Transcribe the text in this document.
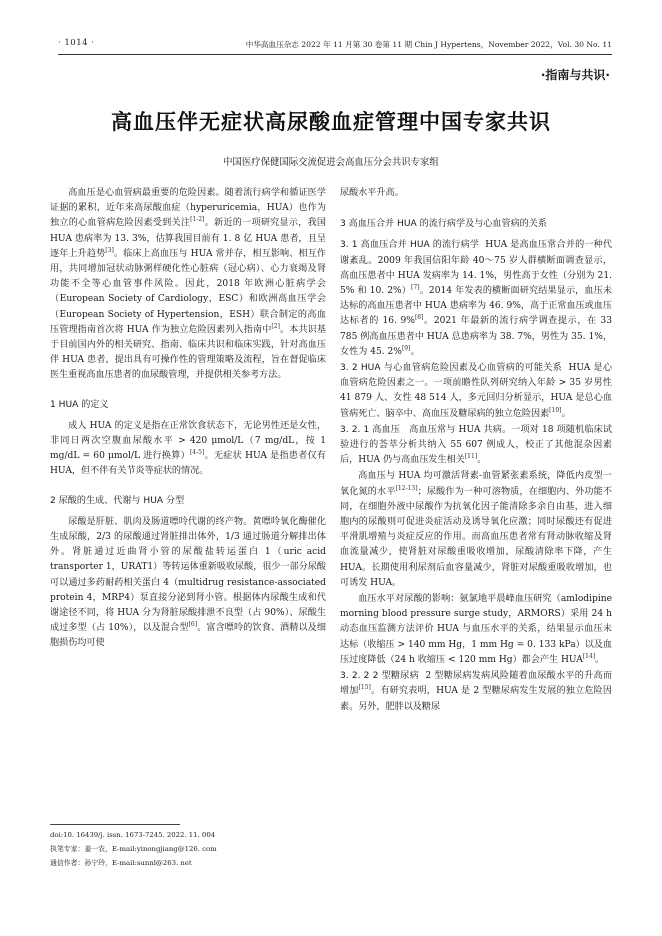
· 1014 ·	中华高血压杂志 2022 年 11 月第 30 卷第 11 期 Chin J Hypertens，November 2022，Vol. 30 No. 11
·指南与共识·
高血压伴无症状高尿酸血症管理中国专家共识
中国医疗保健国际交流促进会高血压分会共识专家组

高血压是心血管病最重要的危险因素。随着流行病学和循证医学证据的累积，近年来高尿酸血症（hyperuricemia，HUA）也作为独立的心血管病危险因素受到关注[1-2]。新近的一项研究显示，我国 HUA 患病率为 13. 3%，估算我国目前有 1. 8 亿 HUA 患者，且呈逐年上升趋势[3]。临床上高血压与 HUA 常并存，相互影响、相互作用，共同增加冠状动脉粥样硬化性心脏病（冠心病）、心力衰竭及肾功能不全等心血管事件风险。因此，2018 年欧洲心脏病学会（European Society of Cardiology，ESC）和欧洲高血压学会（European Society of Hypertension，ESH）联合制定的高血压管理指南首次将 HUA 作为独立危险因素列入指南中[2]。本共识基于目前国内外的相关研究、指南、临床共识和临床实践，针对高血压伴 HUA 患者，提出具有可操作性的管理策略及流程，旨在督促临床医生重视高血压患者的血尿酸管理，并提供相关参考方法。

1 HUA 的定义

成人 HUA 的定义是指在正常饮食状态下，无论男性还是女性，非同日两次空腹血尿酸水平 > 420 μmol/L（7 mg/dL，按 1 mg/dL = 60 μmol/L 进行换算）[4-5]。无症状 HUA 是指患者仅有 HUA，但不伴有关节炎等症状的情况。

2 尿酸的生成、代谢与 HUA 分型

尿酸是肝脏、肌肉及肠道嘌呤代谢的终产物。黄嘌呤氧化酶催化生成尿酸，2/3 的尿酸通过肾脏排出体外，1/3 通过肠道分解排出体外。肾脏通过近曲肾小管的尿酸盐转运蛋白 1（uric acid transporter 1，URAT1）等转运体重新吸收尿酸，很少一部分尿酸可以通过多药耐药相关蛋白 4（multidrug resistance-associated protein 4，MRP4）泵直接分泌到肾小管。根据体内尿酸生成和代谢途径不同，将 HUA 分为肾脏尿酸排泄不良型（占 90%）、尿酸生成过多型（占 10%），以及混合型[6]。富含嘌呤的饮食、酒精以及细胞损伤均可使

尿酸水平升高。

3 高血压合并 HUA 的流行病学及与心血管病的关系

3. 1 高血压合并 HUA 的流行病学 HUA 是高血压常合并的一种代谢紊乱。2009 年我国信阳年龄 40～75 岁人群横断面调查显示，高血压患者中 HUA 发病率为 14. 1%，男性高于女性（分别为 21. 5% 和 10. 2%）[7]。2014 年发表的横断面研究结果显示，血压未达标的高血压患者中 HUA 患病率为 46. 9%，高于正常血压或血压达标者的 16. 9%[8]。2021 年最新的流行病学调查提示，在 33 785 例高血压患者中 HUA 总患病率为 38. 7%，男性为 35. 1%，女性为 45. 2%[9]。

3. 2 HUA 与心血管病危险因素及心血管病的可能关系 HUA 是心血管病危险因素之一。一项前瞻性队列研究纳入年龄 > 35 岁男性 41 879 人、女性 48 514 人，多元回归分析显示，HUA 是总心血管病死亡、脑卒中、高血压及糖尿病的独立危险因素[10]。

3. 2. 1 高血压 高血压常与 HUA 共病。一项对 18 项随机临床试验进行的荟萃分析共纳入 55 607 例成人，校正了其他混杂因素后，HUA 仍与高血压发生相关[11]。

高血压与 HUA 均可激活肾素-血管紧张素系统，降低内皮型一氧化氮的水平[12-13]；尿酸作为一种可溶物质，在细胞内、外功能不同，在细胞外液中尿酸作为抗氧化因子能清除多余自由基，进入细胞内的尿酸则可促进炎症活动及诱导氧化应激；同时尿酸还有促进平滑肌增殖与炎症反应的作用。而高血压患者常有肾动脉收缩及肾血流量减少，使肾脏对尿酸重吸收增加，尿酸清除率下降，产生 HUA。长期使用利尿剂后血容量减少，肾脏对尿酸重吸收增加，也可诱发 HUA。

血压水平对尿酸的影响：氨氯地平晨峰血压研究（amlodipine morning blood pressure surge study，ARMORS）采用 24 h 动态血压监测方法评价 HUA 与血压水平的关系，结果显示血压未达标（收缩压 > 140 mm Hg，1 mm Hg = 0. 133 kPa）以及血压过度降低（24 h 收缩压 < 120 mm Hg）都会产生 HUA[14]。

3. 2. 2 2 型糖尿病 2 型糖尿病发病风险随着血尿酸水平的升高而增加[15]。有研究表明，HUA 是 2 型糖尿病发生发展的独立危险因素。另外，肥胖以及糖尿

doi:10. 16439/j. issn. 1673-7245. 2022. 11. 004
执笔专家：姜一农，E-mail:yinongjiang@126. com
通信作者：孙宁玲，E-mail:sunnl@263. net
